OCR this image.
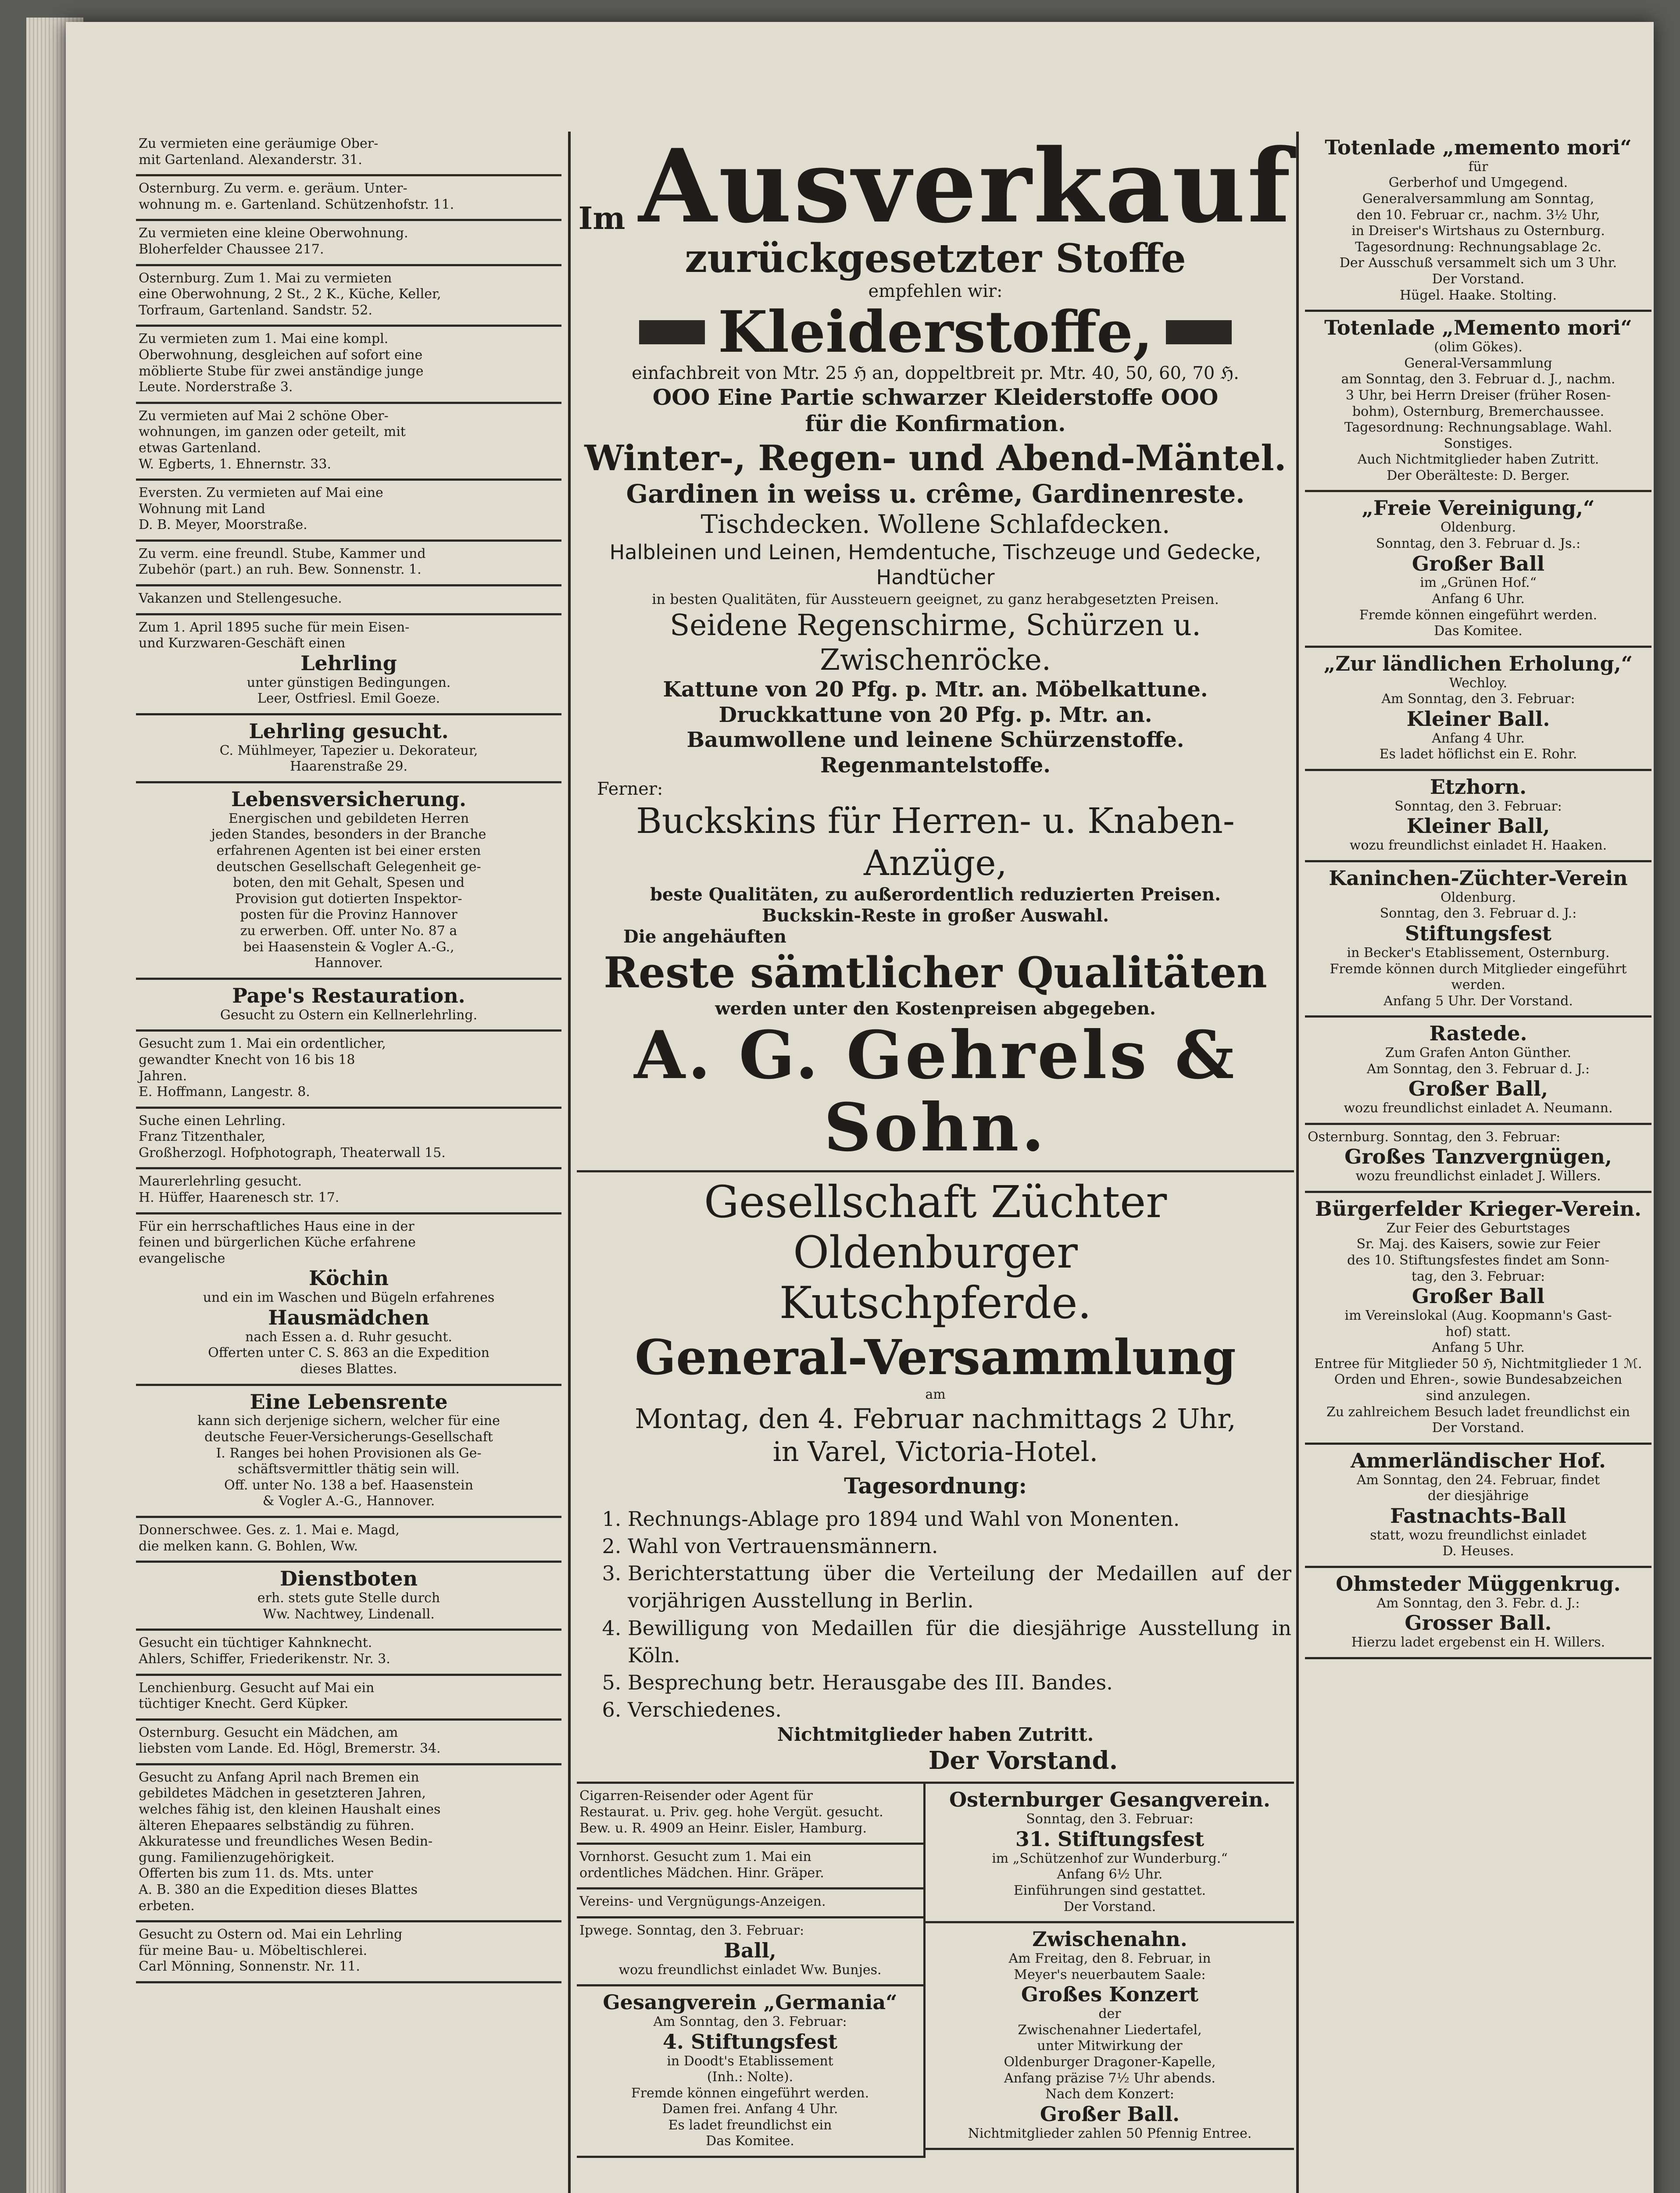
Zu vermieten eine geräumige Ober-

mit Gartenland. Alexanderstr. 31.

Osternburg. Zu verm. e. geräum. Unter-

wohnung m. e. Gartenland. Schützenhofstr. 11.

Zu vermieten eine kleine Oberwohnung.

Bloherfelder Chaussee 217.

Osternburg. Zum 1. Mai zu vermieten

eine Oberwohnung, 2 St., 2 K., Küche, Keller,

Torfraum, Gartenland. Sandstr. 52.

Zu vermieten zum 1. Mai eine kompl.

Oberwohnung, desgleichen auf sofort eine

möblierte Stube für zwei anständige junge

Leute. Norderstraße 3.

Zu vermieten auf Mai 2 schöne Ober-

wohnungen, im ganzen oder geteilt, mit

etwas Gartenland.

W. Egberts, 1. Ehnernstr. 33.

Eversten. Zu vermieten auf Mai eine

Wohnung mit Land

D. B. Meyer, Moorstraße.

Zu verm. eine freundl. Stube, Kammer und

Zubehör (part.) an ruh. Bew. Sonnenstr. 1.

Vakanzen und Stellengesuche.

Zum 1. April 1895 suche für mein Eisen-

und Kurzwaren-Geschäft einen

Lehrling

unter günstigen Bedingungen.

Leer, Ostfriesl. Emil Goeze.

Lehrling gesucht.

C. Mühlmeyer, Tapezier u. Dekorateur,

Haarenstraße 29.

Lebensversicherung.

Energischen und gebildeten Herren

jeden Standes, besonders in der Branche

erfahrenen Agenten ist bei einer ersten

deutschen Gesellschaft Gelegenheit ge-

boten, den mit Gehalt, Spesen und

Provision gut dotierten Inspektor-

posten für die Provinz Hannover

zu erwerben. Off. unter No. 87 a

bei Haasenstein & Vogler A.-G.,

Hannover.

Pape's Restauration.

Gesucht zu Ostern ein Kellnerlehrling.

Gesucht zum 1. Mai ein ordentlicher,

gewandter Knecht von 16 bis 18

Jahren.

E. Hoffmann, Langestr. 8.

Suche einen Lehrling.

Franz Titzenthaler,

Großherzogl. Hofphotograph, Theaterwall 15.

Maurerlehrling gesucht.

H. Hüffer, Haarenesch str. 17.

Für ein herrschaftliches Haus eine in der

feinen und bürgerlichen Küche erfahrene

evangelische

Köchin

und ein im Waschen und Bügeln erfahrenes

Hausmädchen

nach Essen a. d. Ruhr gesucht.

Offerten unter C. S. 863 an die Expedition

dieses Blattes.

Eine Lebensrente

kann sich derjenige sichern, welcher für eine

deutsche Feuer-Versicherungs-Gesellschaft

I. Ranges bei hohen Provisionen als Ge-

schäftsvermittler thätig sein will.

Off. unter No. 138 a bef. Haasenstein

& Vogler A.-G., Hannover.

Donnerschwee. Ges. z. 1. Mai e. Magd,

die melken kann. G. Bohlen, Ww.

Dienstboten

erh. stets gute Stelle durch

Ww. Nachtwey, Lindenall.

Gesucht ein tüchtiger Kahnknecht.

Ahlers, Schiffer, Friederikenstr. Nr. 3.

Lenchienburg. Gesucht auf Mai ein

tüchtiger Knecht. Gerd Küpker.

Osternburg. Gesucht ein Mädchen, am

liebsten vom Lande. Ed. Högl, Bremerstr. 34.

Gesucht zu Anfang April nach Bremen ein

gebildetes Mädchen in gesetzteren Jahren,

welches fähig ist, den kleinen Haushalt eines

älteren Ehepaares selbständig zu führen.

Akkuratesse und freundliches Wesen Bedin-

gung. Familienzugehörigkeit.

Offerten bis zum 11. ds. Mts. unter

A. B. 380 an die Expedition dieses Blattes

erbeten.

Gesucht zu Ostern od. Mai ein Lehrling

für meine Bau- u. Möbeltischlerei.

Carl Mönning, Sonnenstr. Nr. 11.

Im Ausverkauf
zurückgesetzter Stoffe
empfehlen wir:
Kleiderstoffe,
einfachbreit von Mtr. 25 ℌ an, doppeltbreit pr. Mtr. 40, 50, 60, 70 ℌ.
OOO Eine Partie schwarzer Kleiderstoffe OOO
für die Konfirmation.
Winter-, Regen- und Abend-Mäntel.
Gardinen in weiss u. crême, Gardinenreste.
Tischdecken. Wollene Schlafdecken.
Halbleinen und Leinen, Hemdentuche, Tischzeuge und Gedecke,
Handtücher
in besten Qualitäten, für Aussteuern geeignet, zu ganz herabgesetzten Preisen.
Seidene Regenschirme, Schürzen u. Zwischenröcke.
Kattune von 20 Pfg. p. Mtr. an. Möbelkattune.
Druckkattune von 20 Pfg. p. Mtr. an.
Baumwollene und leinene Schürzenstoffe.
Regenmantelstoffe.
Ferner:
Buckskins für Herren- u. Knaben-Anzüge,
beste Qualitäten, zu außerordentlich reduzierten Preisen.
Buckskin-Reste in großer Auswahl.
Die angehäuften
Reste sämtlicher Qualitäten
werden unter den Kostenpreisen abgegeben.
A. G. Gehrels & Sohn.
Gesellschaft Züchter Oldenburger
Kutschpferde.
General-Versammlung
am
Montag, den 4. Februar nachmittags 2 Uhr,
in Varel, Victoria-Hotel.
Tagesordnung:
1. Rechnungs-Ablage pro 1894 und Wahl von Monenten.
2. Wahl von Vertrauensmännern.
3. Berichterstattung über die Verteilung der Medaillen auf der vorjährigen Ausstellung in Berlin.
4. Bewilligung von Medaillen für die diesjährige Ausstellung in Köln.
5. Besprechung betr. Herausgabe des III. Bandes.
6. Verschiedenes.
Nichtmitglieder haben Zutritt.
Der Vorstand.

Cigarren-Reisender oder Agent für

Restaurat. u. Priv. geg. hohe Vergüt. gesucht.

Bew. u. R. 4909 an Heinr. Eisler, Hamburg.

Vornhorst. Gesucht zum 1. Mai ein

ordentliches Mädchen. Hinr. Gräper.

Vereins- und Vergnügungs-Anzeigen.

Ipwege. Sonntag, den 3. Februar:

Ball,

wozu freundlichst einladet Ww. Bunjes.

Gesangverein „Germania“

Am Sonntag, den 3. Februar:

4. Stiftungsfest

in Doodt's Etablissement

(Inh.: Nolte).

Fremde können eingeführt werden.

Damen frei. Anfang 4 Uhr.

Es ladet freundlichst ein

Das Komitee.

Osternburger Gesangverein.

Sonntag, den 3. Februar:

31. Stiftungsfest

im „Schützenhof zur Wunderburg.“

Anfang 6½ Uhr.

Einführungen sind gestattet.

Der Vorstand.

Zwischenahn.

Am Freitag, den 8. Februar, in

Meyer's neuerbautem Saale:

Großes Konzert

der

Zwischenahner Liedertafel,

unter Mitwirkung der

Oldenburger Dragoner-Kapelle,

Anfang präzise 7½ Uhr abends.

Nach dem Konzert:

Großer Ball.

Nichtmitglieder zahlen 50 Pfennig Entree.

Totenlade „memento mori“

für

Gerberhof und Umgegend.

Generalversammlung am Sonntag,

den 10. Februar cr., nachm. 3½ Uhr,

in Dreiser's Wirtshaus zu Osternburg.

Tagesordnung: Rechnungsablage 2c.

Der Ausschuß versammelt sich um 3 Uhr.

Der Vorstand.

Hügel. Haake. Stolting.

Totenlade „Memento mori“

(olim Gökes).

General-Versammlung

am Sonntag, den 3. Februar d. J., nachm.

3 Uhr, bei Herrn Dreiser (früher Rosen-

bohm), Osternburg, Bremerchaussee.

Tagesordnung: Rechnungsablage. Wahl.

Sonstiges.

Auch Nichtmitglieder haben Zutritt.

Der Oberälteste: D. Berger.

„Freie Vereinigung,“

Oldenburg.

Sonntag, den 3. Februar d. Js.:

Großer Ball

im „Grünen Hof.“

Anfang 6 Uhr.

Fremde können eingeführt werden.

Das Komitee.

„Zur ländlichen Erholung,“

Wechloy.

Am Sonntag, den 3. Februar:

Kleiner Ball.

Anfang 4 Uhr.

Es ladet höflichst ein E. Rohr.

Etzhorn.

Sonntag, den 3. Februar:

Kleiner Ball,

wozu freundlichst einladet H. Haaken.

Kaninchen-Züchter-Verein

Oldenburg.

Sonntag, den 3. Februar d. J.:

Stiftungsfest

in Becker's Etablissement, Osternburg.

Fremde können durch Mitglieder eingeführt

werden.

Anfang 5 Uhr. Der Vorstand.

Rastede.

Zum Grafen Anton Günther.

Am Sonntag, den 3. Februar d. J.:

Großer Ball,

wozu freundlichst einladet A. Neumann.

Osternburg. Sonntag, den 3. Februar:

Großes Tanzvergnügen,

wozu freundlichst einladet J. Willers.

Bürgerfelder Krieger-Verein.

Zur Feier des Geburtstages

Sr. Maj. des Kaisers, sowie zur Feier

des 10. Stiftungsfestes findet am Sonn-

tag, den 3. Februar:

Großer Ball

im Vereinslokal (Aug. Koopmann's Gast-

hof) statt.

Anfang 5 Uhr.

Entree für Mitglieder 50 ℌ, Nichtmitglieder 1 ℳ.

Orden und Ehren-, sowie Bundesabzeichen

sind anzulegen.

Zu zahlreichem Besuch ladet freundlichst ein

Der Vorstand.

Ammerländischer Hof.

Am Sonntag, den 24. Februar, findet

der diesjährige

Fastnachts-Ball

statt, wozu freundlichst einladet

D. Heuses.

Ohmsteder Müggenkrug.

Am Sonntag, den 3. Febr. d. J.:

Grosser Ball.

Hierzu ladet ergebenst ein H. Willers.
